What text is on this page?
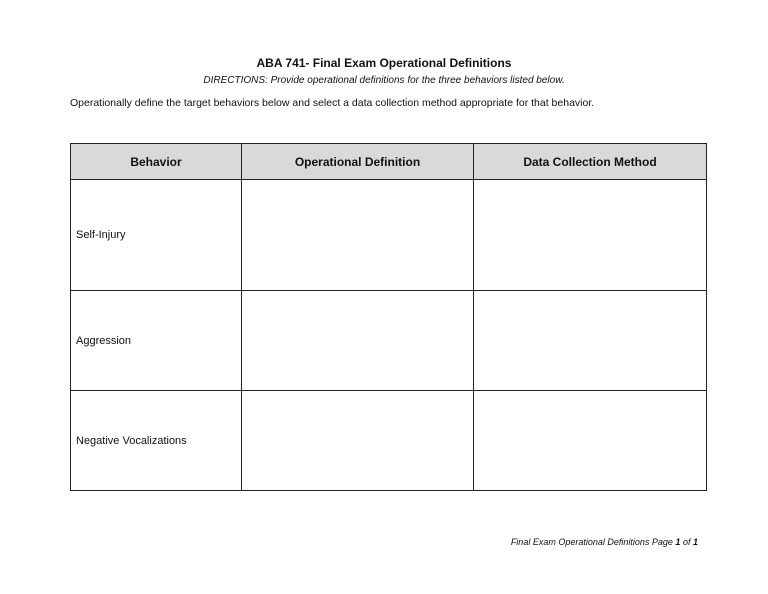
ABA 741- Final Exam Operational Definitions
DIRECTIONS: Provide operational definitions for the three behaviors listed below.
Operationally define the target behaviors below and select a data collection method appropriate for that behavior.
Behavior	Operational Definition	Data Collection Method
Self-Injury		
Aggression		
Negative Vocalizations		
Final Exam Operational Definitions Page 1 of 1
